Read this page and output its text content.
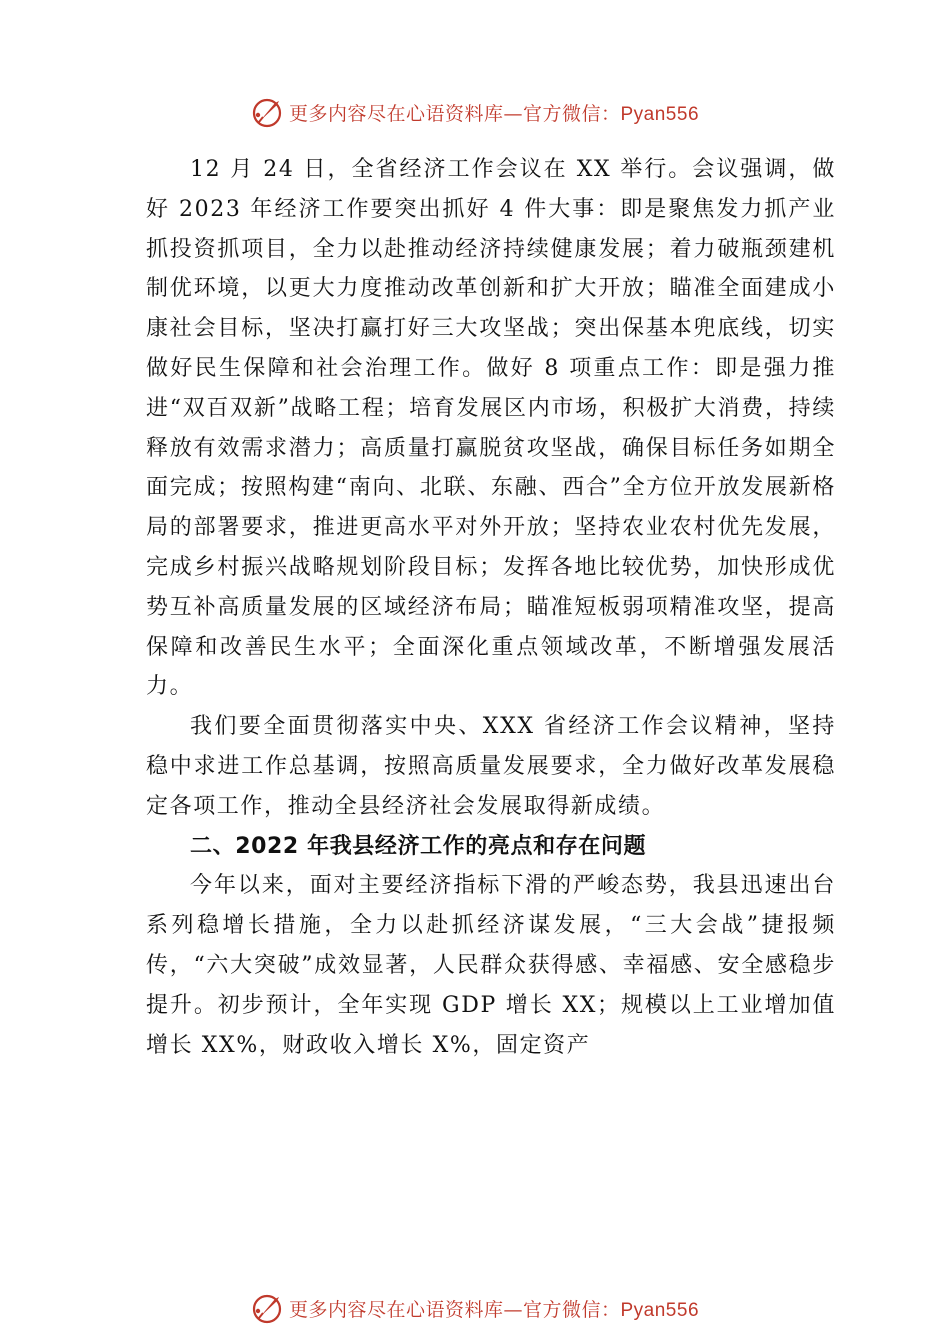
更多内容尽在心语资料库—官方微信：Pyan556

12 月 24 日，全省经济工作会议在 XX 举行。会议强调，做好 2023 年经济工作要突出抓好 4 件大事：即是聚焦发力抓产业抓投资抓项目，全力以赴推动经济持续健康发展；着力破瓶颈建机制优环境，以更大力度推动改革创新和扩大开放；瞄准全面建成小康社会目标，坚决打赢打好三大攻坚战；突出保基本兜底线，切实做好民生保障和社会治理工作。做好 8 项重点工作：即是强力推进“双百双新”战略工程；培育发展区内市场，积极扩大消费，持续释放有效需求潜力；高质量打赢脱贫攻坚战，确保目标任务如期全面完成；按照构建“南向、北联、东融、西合”全方位开放发展新格局的部署要求，推进更高水平对外开放；坚持农业农村优先发展，完成乡村振兴战略规划阶段目标；发挥各地比较优势，加快形成优势互补高质量发展的区域经济布局；瞄准短板弱项精准攻坚，提高保障和改善民生水平；全面深化重点领域改革，不断增强发展活力。

我们要全面贯彻落实中央、XXX 省经济工作会议精神，坚持稳中求进工作总基调，按照高质量发展要求，全力做好改革发展稳定各项工作，推动全县经济社会发展取得新成绩。

二、2022 年我县经济工作的亮点和存在问题

今年以来，面对主要经济指标下滑的严峻态势，我县迅速出台系列稳增长措施，全力以赴抓经济谋发展，“三大会战”捷报频传，“六大突破”成效显著，人民群众获得感、幸福感、安全感稳步提升。初步预计，全年实现 GDP 增长 XX；规模以上工业增加值增长 XX%，财政收入增长 X%，固定资产

更多内容尽在心语资料库—官方微信：Pyan556
